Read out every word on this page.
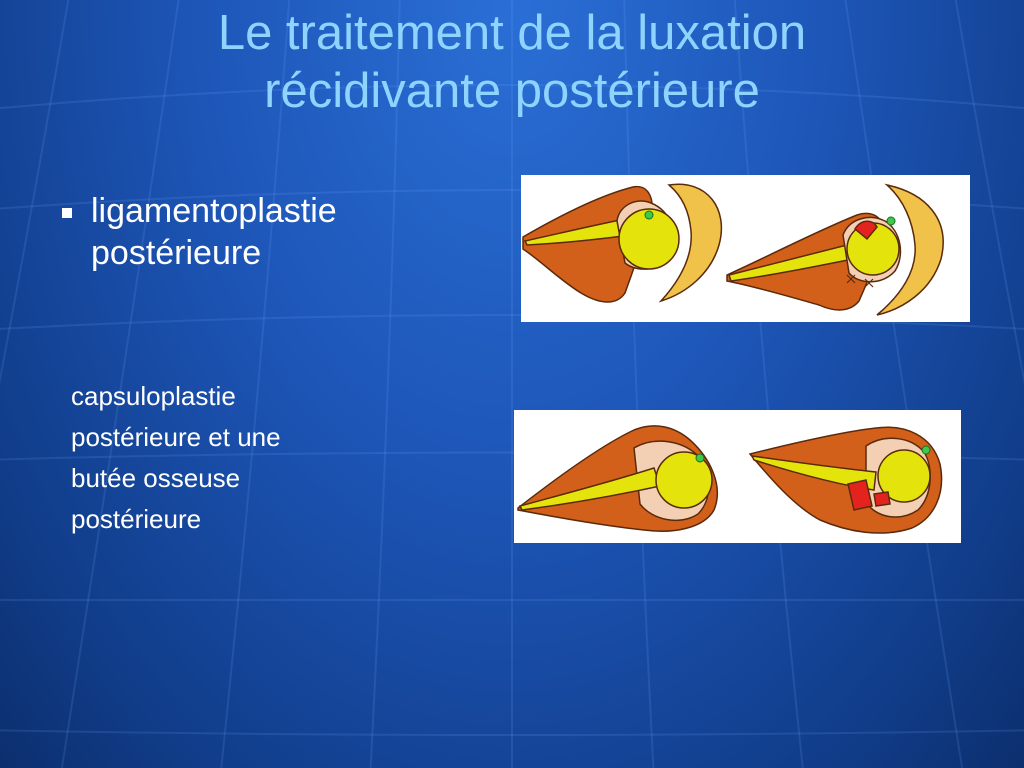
Le traitement de la luxation
récidivante postérieure
ligamentoplastie
postérieure
capsuloplastie
postérieure et une
butée osseuse
postérieure
